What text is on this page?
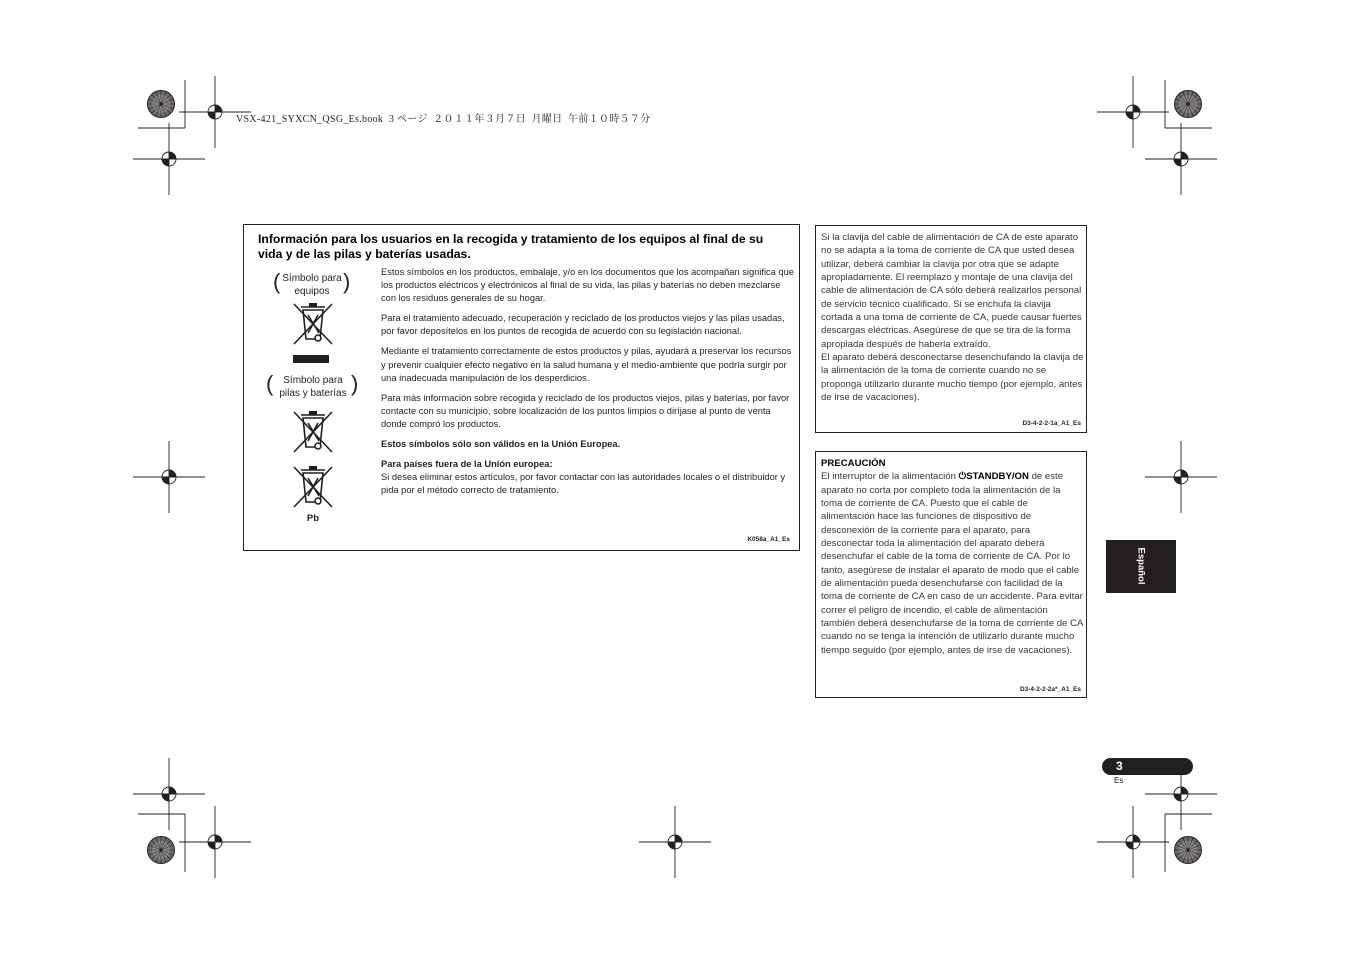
VSX-421_SYXCN_QSG_Es.book  3 ページ  ２０１１年３月７日  月曜日  午前１０時５７分
Información para los usuarios en la recogida y tratamiento de los equipos al final de su vida y de las pilas y baterías usadas.
( Símbolo para
equipos )
( Símbolo para
pilas y baterías )
Pb

Estos símbolos en los productos, embalaje, y/o en los documentos que los acompañan significa que los productos eléctricos y electrónicos al final de su vida, las pilas y baterías no deben mezclarse con los residuos generales de su hogar.

Para el tratamiento adecuado, recuperación y reciclado de los productos viejos y las pilas usadas, por favor deposítelos en los puntos de recogida de acuerdo con su legislación nacional.

Mediante el tratamiento correctamente de estos productos y pilas, ayudará a preservar los recursos y prevenir cualquier efecto negativo en la salud humana y el medio-ambiente que podría surgir por una inadecuada manipulación de los desperdicios.

Para más información sobre recogida y reciclado de los productos viejos, pilas y baterías, por favor contacte con su municipio, sobre localización de los puntos limpios o diríjase al punto de venta donde compró los productos.

Estos símbolos sólo son válidos en la Unión Europea.

Para países fuera de la Unión europea:

Si desea eliminar estos artículos, por favor contactar con las autoridades locales o el distribuidor y pida por el método correcto de tratamiento.

K058a_A1_Es
Si la clavija del cable de alimentación de CA de este aparato no se adapta a la toma de corriente de CA que usted desea utilizar, deberá cambiar la clavija por otra que se adapte apropiadamente. El reemplazo y montaje de una clavija del cable de alimentación de CA sólo deberá realizarlos personal de servicio técnico cualificado. Si se enchufa la clavija cortada a una toma de corriente de CA, puede causar fuertes descargas eléctricas. Asegúrese de que se tira de la forma apropiada después de haberla extraído.
El aparato deberá desconectarse desenchufando la clavija de la alimentación de la toma de corriente cuando no se proponga utilizarlo durante mucho tiempo (por ejemplo, antes de irse de vacaciones).
D3-4-2-2-1a_A1_Es
PRECAUCIÓN
El interruptor de la alimentación ⏻STANDBY/ON de este aparato no corta por completo toda la alimentación de la toma de corriente de CA. Puesto que el cable de alimentación hace las funciones de dispositivo de desconexión de la corriente para el aparato, para desconectar toda la alimentación del aparato deberá desenchufar el cable de la toma de corriente de CA. Por lo tanto, asegúrese de instalar el aparato de modo que el cable de alimentación pueda desenchufarse con facilidad de la toma de corriente de CA en caso de un accidente. Para evitar correr el peligro de incendio, el cable de alimentación también deberá desenchufarse de la toma de corriente de CA cuando no se tenga la intención de utilizarlo durante mucho tiempo seguido (por ejemplo, antes de irse de vacaciones).
D3-4-2-2-2a*_A1_Es
Español
3
Es
